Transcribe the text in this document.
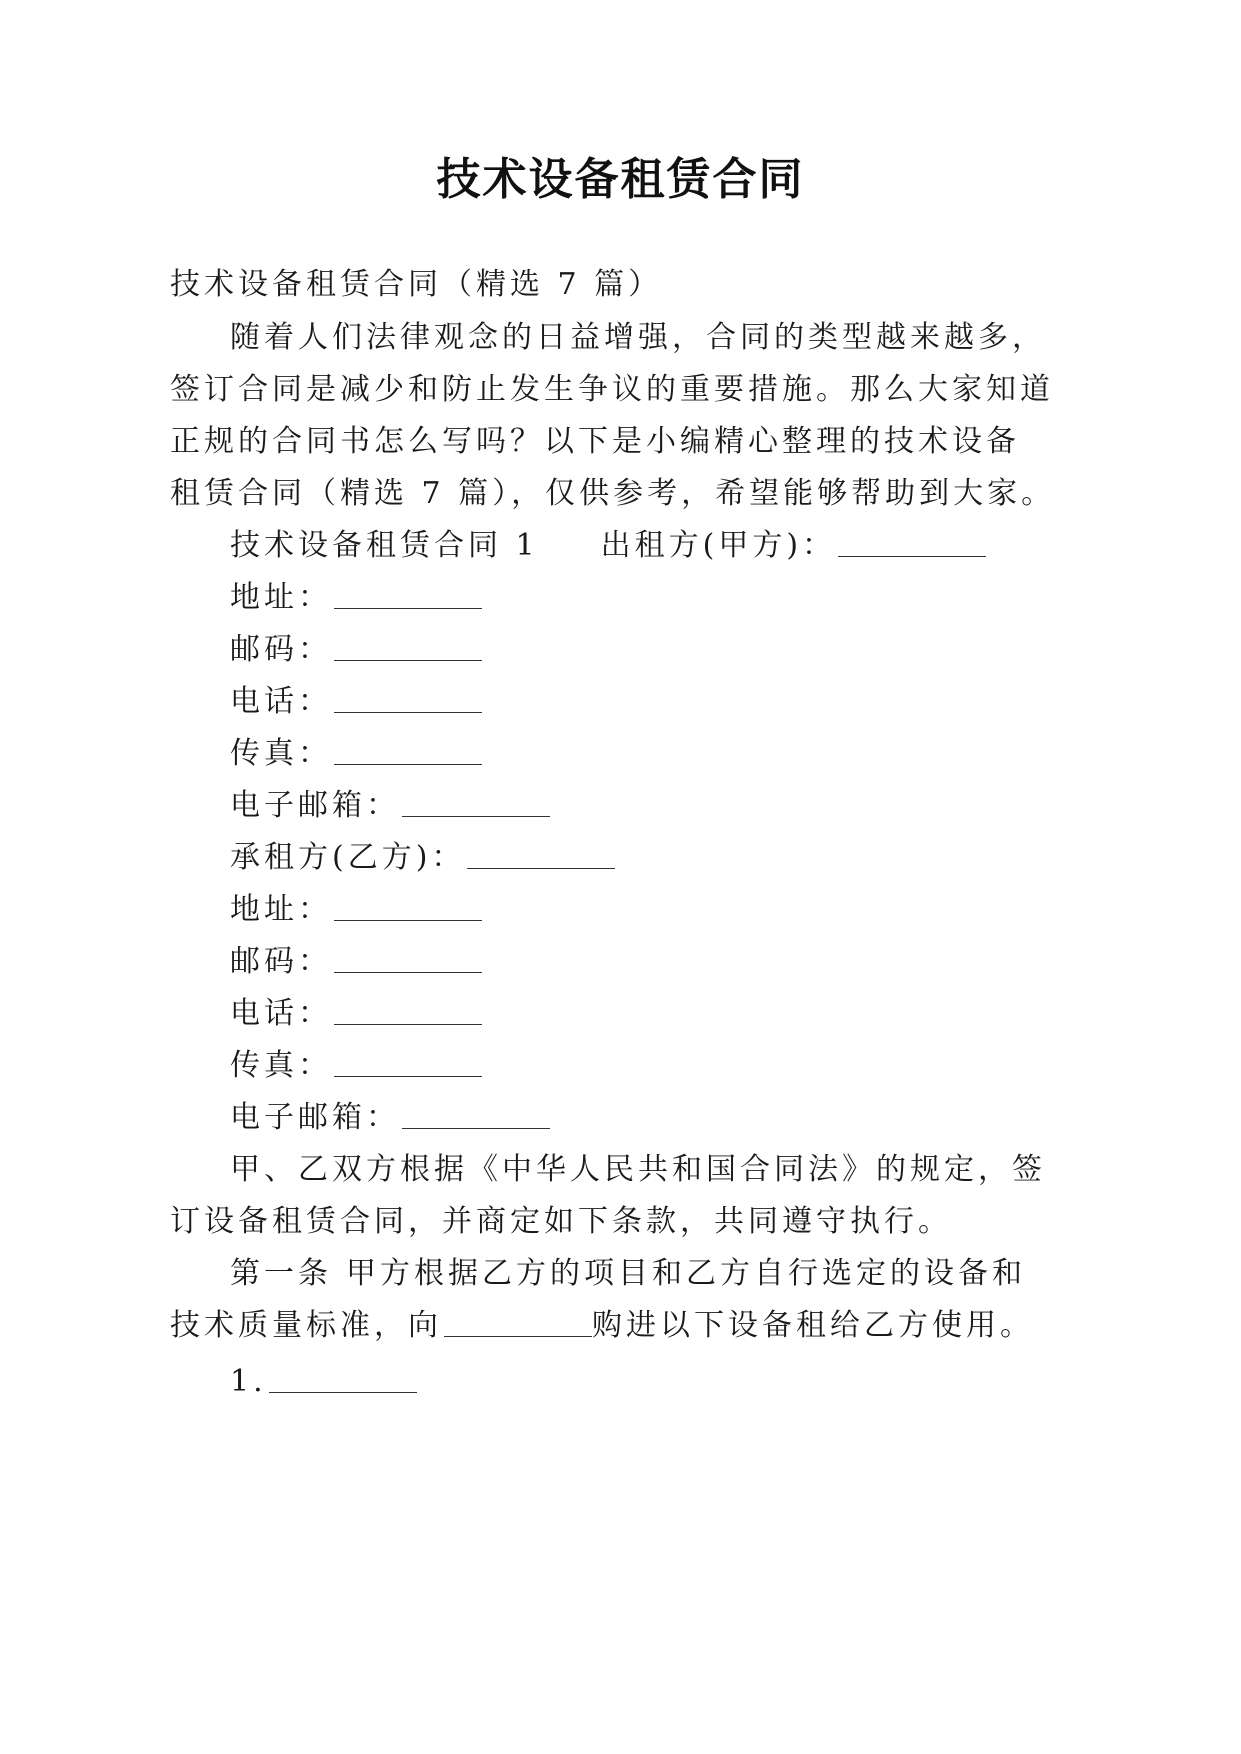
技术设备租赁合同
技术设备租赁合同（精选 7 篇）
随着人们法律观念的日益增强，合同的类型越来越多，
签订合同是减少和防止发生争议的重要措施。那么大家知道
正规的合同书怎么写吗？以下是小编精心整理的技术设备
租赁合同（精选 7 篇），仅供参考，希望能够帮助到大家。
技术设备租赁合同 1 出租方(甲方)：
地址：
邮码：
电话：
传真：
电子邮箱：
承租方(乙方)：
地址：
邮码：
电话：
传真：
电子邮箱：
甲、乙双方根据《中华人民共和国合同法》的规定，签
订设备租赁合同，并商定如下条款，共同遵守执行。
第一条 甲方根据乙方的项目和乙方自行选定的设备和
技术质量标准，向	购进以下设备租给乙方使用。
1.
